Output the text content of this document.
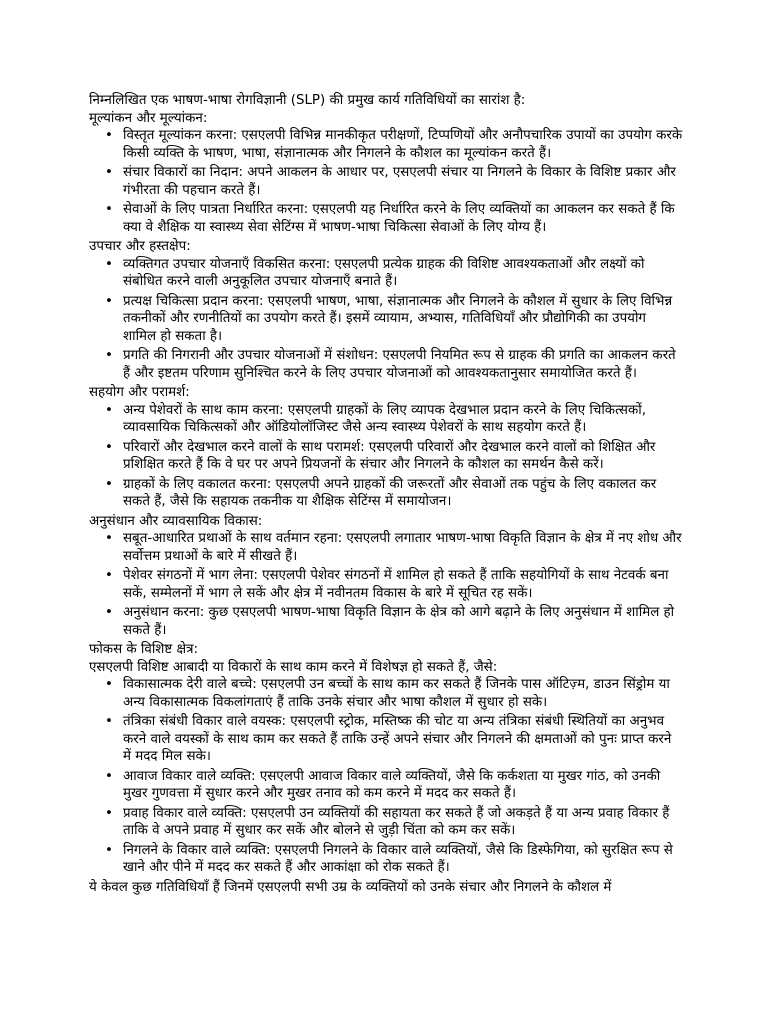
निम्नलिखित एक भाषण-भाषा रोगविज्ञानी (SLP) की प्रमुख कार्य गतिविधियों का सारांश है:

मूल्यांकन और मूल्यांकन:

• विस्तृत मूल्यांकन करना: एसएलपी विभिन्न मानकीकृत परीक्षणों, टिप्पणियों और अनौपचारिक उपायों का उपयोग करके किसी व्यक्ति के भाषण, भाषा, संज्ञानात्मक और निगलने के कौशल का मूल्यांकन करते हैं।
• संचार विकारों का निदान: अपने आकलन के आधार पर, एसएलपी संचार या निगलने के विकार के विशिष्ट प्रकार और गंभीरता की पहचान करते हैं।
• सेवाओं के लिए पात्रता निर्धारित करना: एसएलपी यह निर्धारित करने के लिए व्यक्तियों का आकलन कर सकते हैं कि क्या वे शैक्षिक या स्वास्थ्य सेवा सेटिंग्स में भाषण-भाषा चिकित्सा सेवाओं के लिए योग्य हैं।

उपचार और हस्तक्षेप:

• व्यक्तिगत उपचार योजनाएँ विकसित करना: एसएलपी प्रत्येक ग्राहक की विशिष्ट आवश्यकताओं और लक्ष्यों को संबोधित करने वाली अनुकूलित उपचार योजनाएँ बनाते हैं।
• प्रत्यक्ष चिकित्सा प्रदान करना: एसएलपी भाषण, भाषा, संज्ञानात्मक और निगलने के कौशल में सुधार के लिए विभिन्न तकनीकों और रणनीतियों का उपयोग करते हैं। इसमें व्यायाम, अभ्यास, गतिविधियाँ और प्रौद्योगिकी का उपयोग शामिल हो सकता है।
• प्रगति की निगरानी और उपचार योजनाओं में संशोधन: एसएलपी नियमित रूप से ग्राहक की प्रगति का आकलन करते हैं और इष्टतम परिणाम सुनिश्चित करने के लिए उपचार योजनाओं को आवश्यकतानुसार समायोजित करते हैं।

सहयोग और परामर्श:

• अन्य पेशेवरों के साथ काम करना: एसएलपी ग्राहकों के लिए व्यापक देखभाल प्रदान करने के लिए चिकित्सकों, व्यावसायिक चिकित्सकों और ऑडियोलॉजिस्ट जैसे अन्य स्वास्थ्य पेशेवरों के साथ सहयोग करते हैं।
• परिवारों और देखभाल करने वालों के साथ परामर्श: एसएलपी परिवारों और देखभाल करने वालों को शिक्षित और प्रशिक्षित करते हैं कि वे घर पर अपने प्रियजनों के संचार और निगलने के कौशल का समर्थन कैसे करें।
• ग्राहकों के लिए वकालत करना: एसएलपी अपने ग्राहकों की जरूरतों और सेवाओं तक पहुंच के लिए वकालत कर सकते हैं, जैसे कि सहायक तकनीक या शैक्षिक सेटिंग्स में समायोजन।

अनुसंधान और व्यावसायिक विकास:

• सबूत-आधारित प्रथाओं के साथ वर्तमान रहना: एसएलपी लगातार भाषण-भाषा विकृति विज्ञान के क्षेत्र में नए शोध और सर्वोत्तम प्रथाओं के बारे में सीखते हैं।
• पेशेवर संगठनों में भाग लेना: एसएलपी पेशेवर संगठनों में शामिल हो सकते हैं ताकि सहयोगियों के साथ नेटवर्क बना सकें, सम्मेलनों में भाग ले सकें और क्षेत्र में नवीनतम विकास के बारे में सूचित रह सकें।
• अनुसंधान करना: कुछ एसएलपी भाषण-भाषा विकृति विज्ञान के क्षेत्र को आगे बढ़ाने के लिए अनुसंधान में शामिल हो सकते हैं।

फोकस के विशिष्ट क्षेत्र:

एसएलपी विशिष्ट आबादी या विकारों के साथ काम करने में विशेषज्ञ हो सकते हैं, जैसे:

• विकासात्मक देरी वाले बच्चे: एसएलपी उन बच्चों के साथ काम कर सकते हैं जिनके पास ऑटिज़्म, डाउन सिंड्रोम या अन्य विकासात्मक विकलांगताएं हैं ताकि उनके संचार और भाषा कौशल में सुधार हो सके।
• तंत्रिका संबंधी विकार वाले वयस्क: एसएलपी स्ट्रोक, मस्तिष्क की चोट या अन्य तंत्रिका संबंधी स्थितियों का अनुभव करने वाले वयस्कों के साथ काम कर सकते हैं ताकि उन्हें अपने संचार और निगलने की क्षमताओं को पुनः प्राप्त करने में मदद मिल सके।
• आवाज विकार वाले व्यक्ति: एसएलपी आवाज विकार वाले व्यक्तियों, जैसे कि कर्कशता या मुखर गांठ, को उनकी मुखर गुणवत्ता में सुधार करने और मुखर तनाव को कम करने में मदद कर सकते हैं।
• प्रवाह विकार वाले व्यक्ति: एसएलपी उन व्यक्तियों की सहायता कर सकते हैं जो अकड़ते हैं या अन्य प्रवाह विकार हैं ताकि वे अपने प्रवाह में सुधार कर सकें और बोलने से जुड़ी चिंता को कम कर सकें।
• निगलने के विकार वाले व्यक्ति: एसएलपी निगलने के विकार वाले व्यक्तियों, जैसे कि डिस्फेगिया, को सुरक्षित रूप से खाने और पीने में मदद कर सकते हैं और आकांक्षा को रोक सकते हैं।

ये केवल कुछ गतिविधियाँ हैं जिनमें एसएलपी सभी उम्र के व्यक्तियों को उनके संचार और निगलने के कौशल में
